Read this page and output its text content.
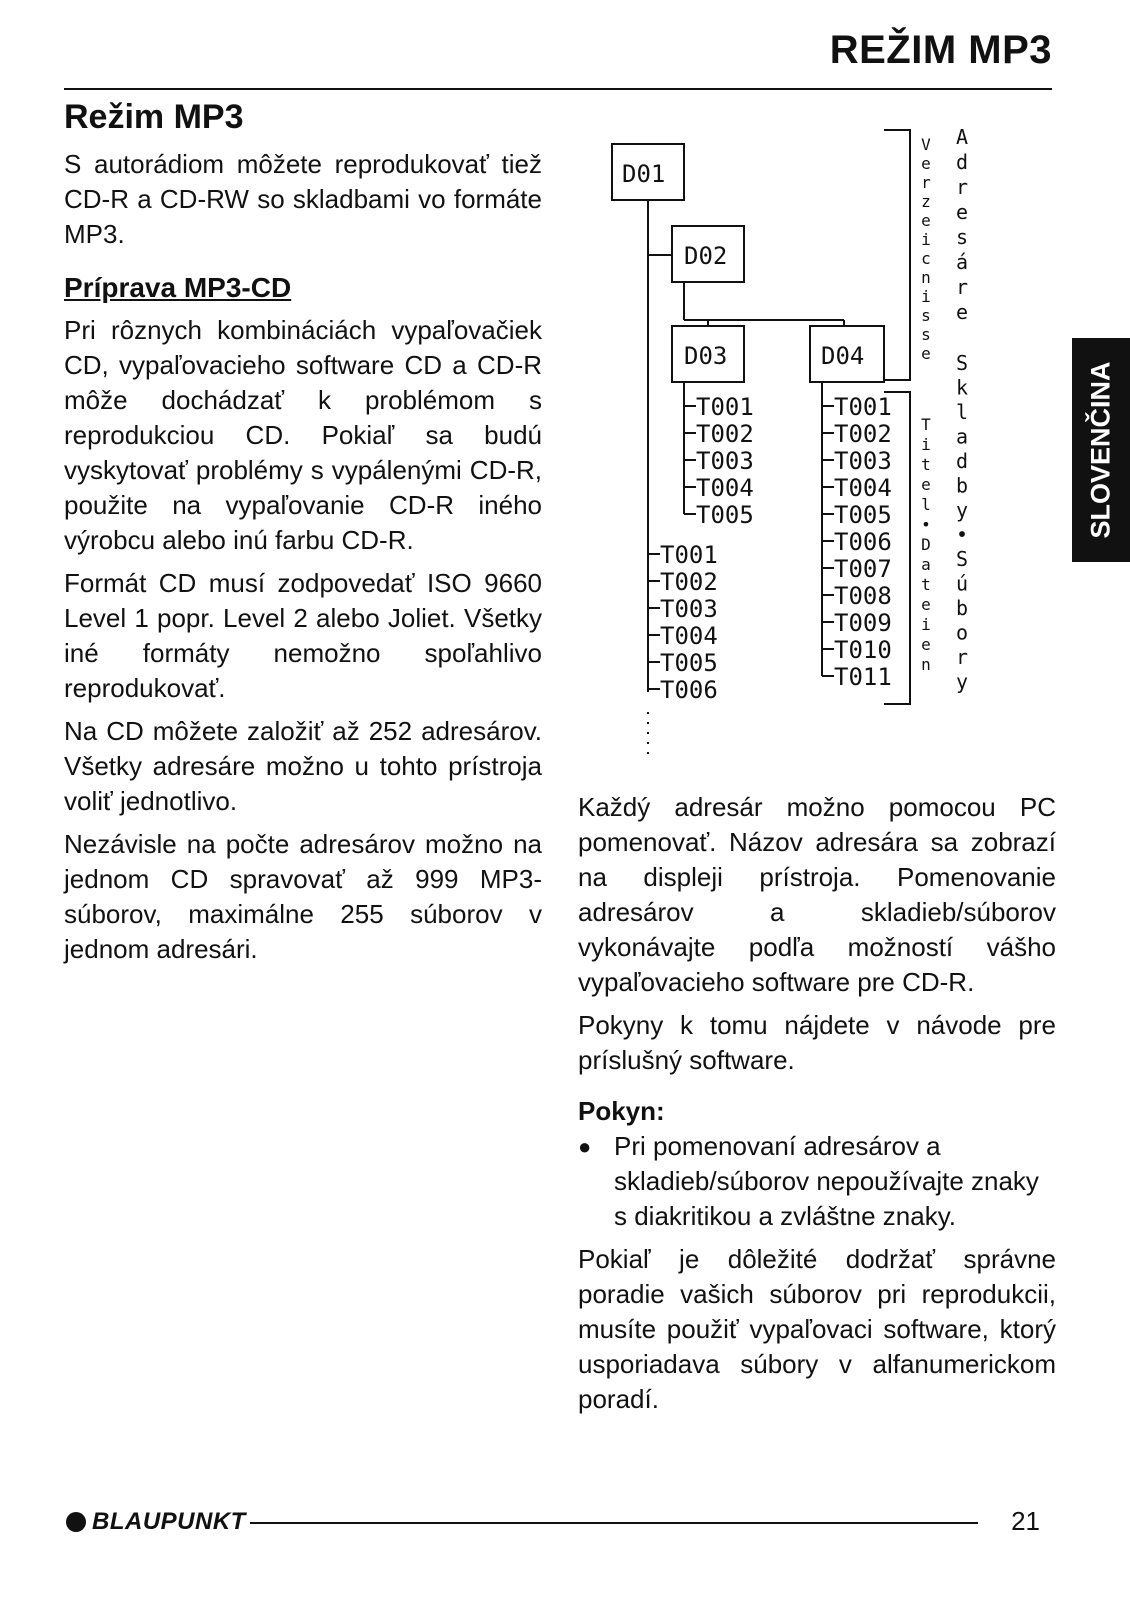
REŽIM MP3
SLOVENČINA
Režim MP3

S autorádiom môžete reprodukovať tiež CD-R a CD-RW so skladbami vo formáte MP3.

Príprava MP3-CD

Pri rôznych kombináciách vypaľovačiek CD, vypaľovacieho software CD a CD-R môže dochádzať k problémom s reprodukciou CD. Pokiaľ sa budú vyskytovať problémy s vypálenými CD-R, použite na vypaľovanie CD-R iného výrobcu alebo inú farbu CD-R.

Formát CD musí zodpovedať ISO 9660 Level 1 popr. Level 2 alebo Joliet. Všetky iné formáty nemožno spoľahlivo reprodukovať.

Na CD môžete založiť až 252 adresárov. Všetky adresáre možno u tohto prístroja voliť jednotlivo.

Nezávisle na počte adresárov možno na jednom CD spravovať až 999 MP3-súborov, maximálne 255 súborov v jednom adresári.

D01
D02
D03	D04
T001
T002
T003
T004
T005
T001
T002
T003
T004
T005
T006
T001
T002
T003
T004
T005
T006
T007
T008
T009
T010
T011
V e r z e i c n i s s e
T i t e l • D a t e i e n
A d r e s á r e
S k l a d b y • S ú b o r y

Každý adresár možno pomocou PC pomenovať. Názov adresára sa zobrazí na displeji prístroja. Pomenovanie adresárov a skladieb/súborov vykonávajte podľa možností vášho vypaľovacieho software pre CD-R.

Pokyny k tomu nájdete v návode pre príslušný software.

Pokyn:
● Pri pomenovaní adresárov a skladieb/súborov nepoužívajte znaky s diakritikou a zvláštne znaky.

Pokiaľ je dôležité dodržať správne poradie vašich súborov pri reprodukcii, musíte použiť vypaľovaci software, ktorý usporiadava súbory v alfanumerickom poradí.

BLAUPUNKT	21
